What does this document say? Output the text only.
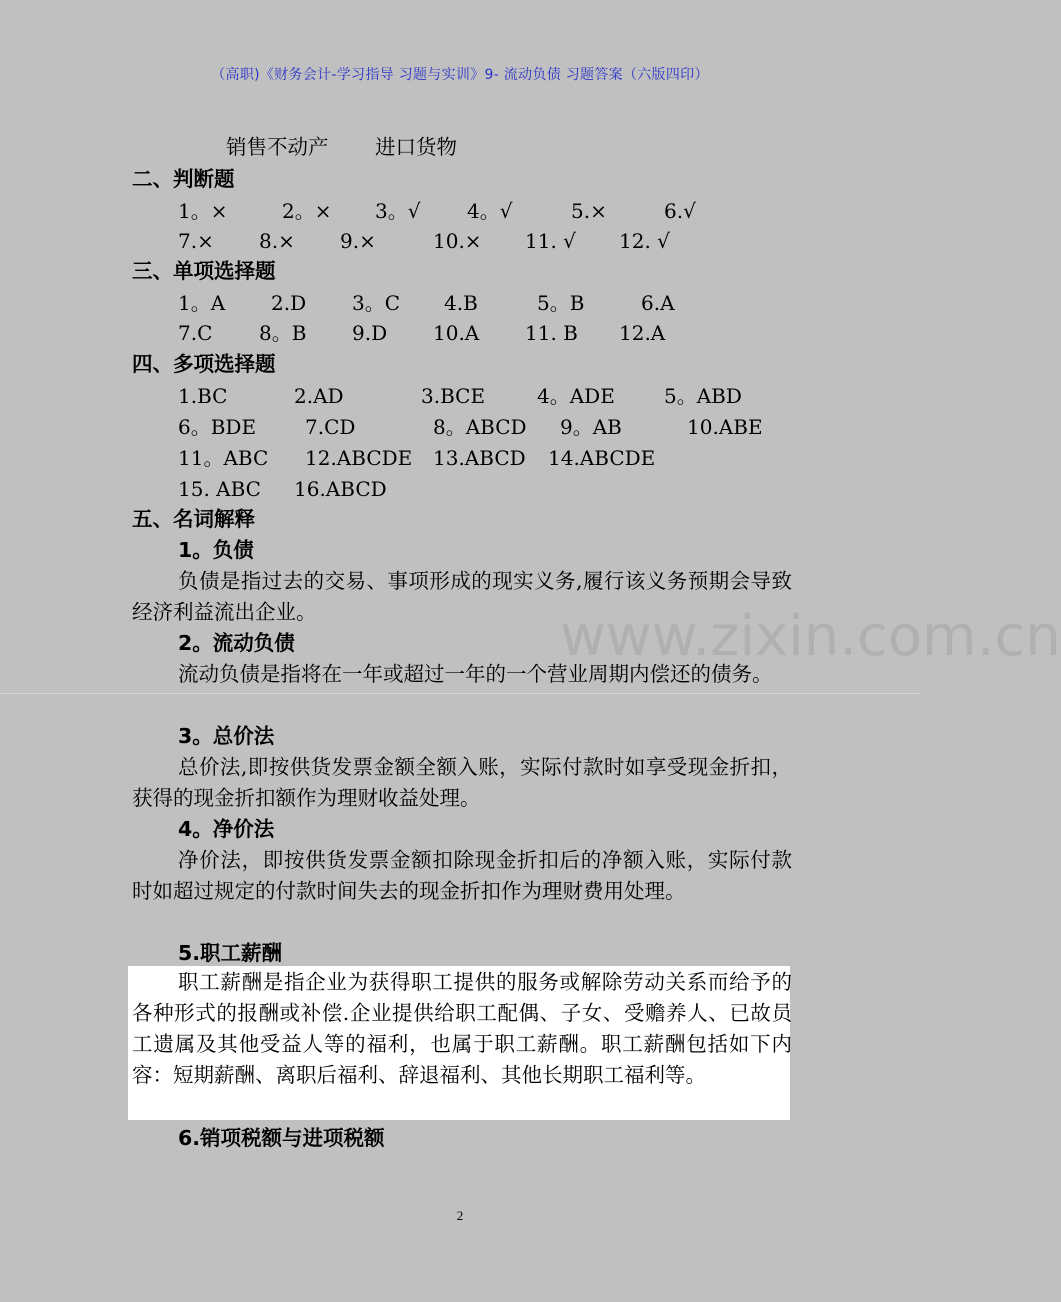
（高职)《财务会计-学习指导 习题与实训》9- 流动负债 习题答案（六版四印）
www.zixin.com.cn
销售不动产 进口货物
二、判断题
1。×	2。× 3。√ 4。√	5.×	6.√
7.× 8.× 9.×	10.× 11. √ 12. √
三、单项选择题
1。A 2.D 3。C 4.B	5。B	6.A
7.C 8。B 9.D 10.A 11. B 12.A
四、多项选择题
1.BC	2.AD	3.BCE	4。ADE 5。ABD
6。BDE 7.CD	8。ABCD 9。AB	10.ABE
11。ABC 12.ABCDE 13.ABCD 14.ABCDE
15. ABC 16.ABCD
五、名词解释
1。负债
负债是指过去的交易、事项形成的现实义务,履行该义务预期会导致经济利益流出企业。
2。流动负债
流动负债是指将在一年或超过一年的一个营业周期内偿还的债务。
3。总价法
总价法,即按供货发票金额全额入账，实际付款时如享受现金折扣，获得的现金折扣额作为理财收益处理。
4。净价法
净价法，即按供货发票金额扣除现金折扣后的净额入账，实际付款时如超过规定的付款时间失去的现金折扣作为理财费用处理。
5.职工薪酬
职工薪酬是指企业为获得职工提供的服务或解除劳动关系而给予的各种形式的报酬或补偿.企业提供给职工配偶、子女、受赡养人、已故员工遗属及其他受益人等的福利，也属于职工薪酬。职工薪酬包括如下内容：短期薪酬、离职后福利、辞退福利、其他长期职工福利等。
6.销项税额与进项税额
2
